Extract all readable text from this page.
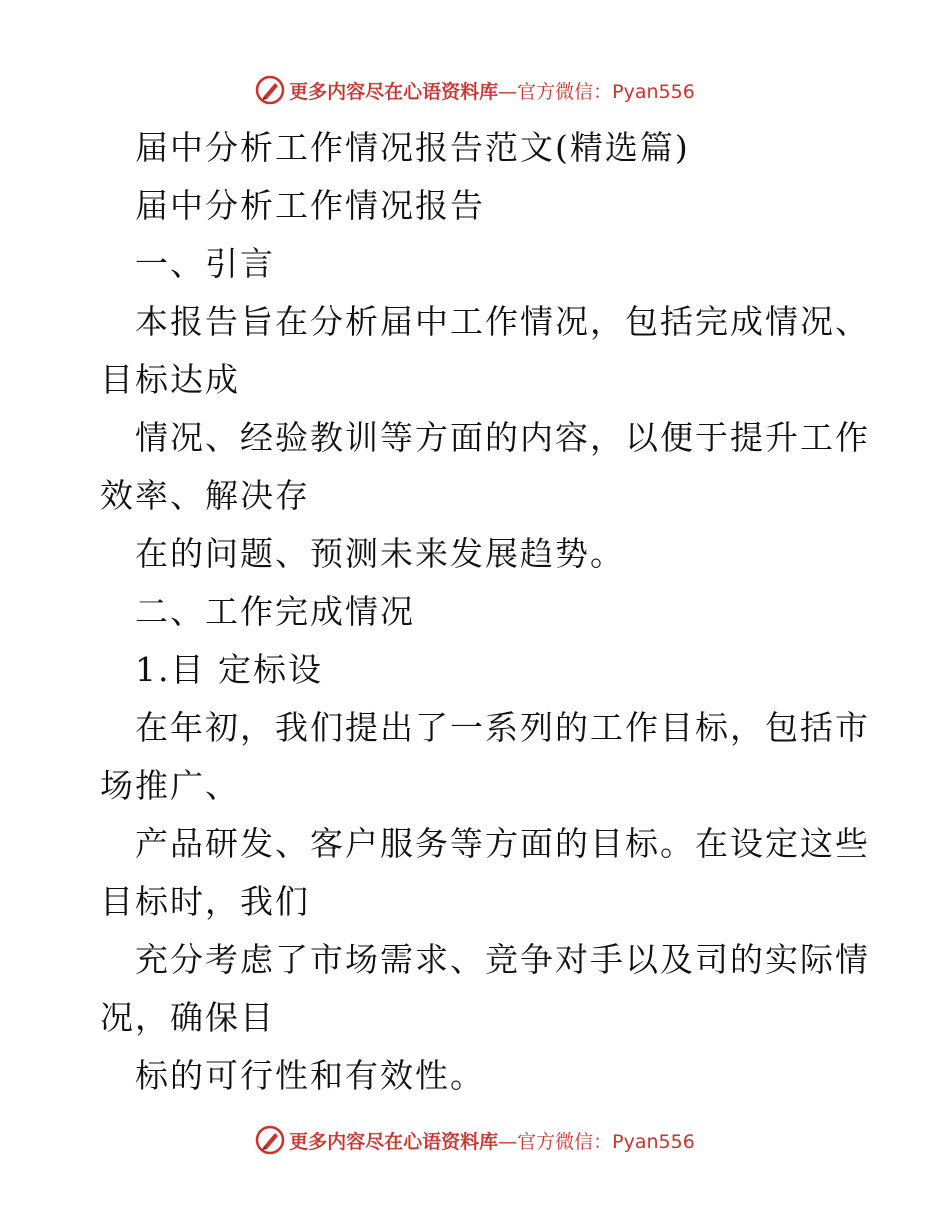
更多内容尽在心语资料库—官方微信：Pyan556
届中分析工作情况报告范文(精选篇)
届中分析工作情况报告
一、引言
本报告旨在分析届中工作情况，包括完成情况、
目标达成
情况、经验教训等方面的内容，以便于提升工作
效率、解决存
在的问题、预测未来发展趋势。
二、工作完成情况
1.目 定标设
在年初，我们提出了一系列的工作目标，包括市
场推广、
产品研发、客户服务等方面的目标。在设定这些
目标时，我们
充分考虑了市场需求、竞争对手以及司的实际情
况，确保目
标的可行性和有效性。
更多内容尽在心语资料库—官方微信：Pyan556
